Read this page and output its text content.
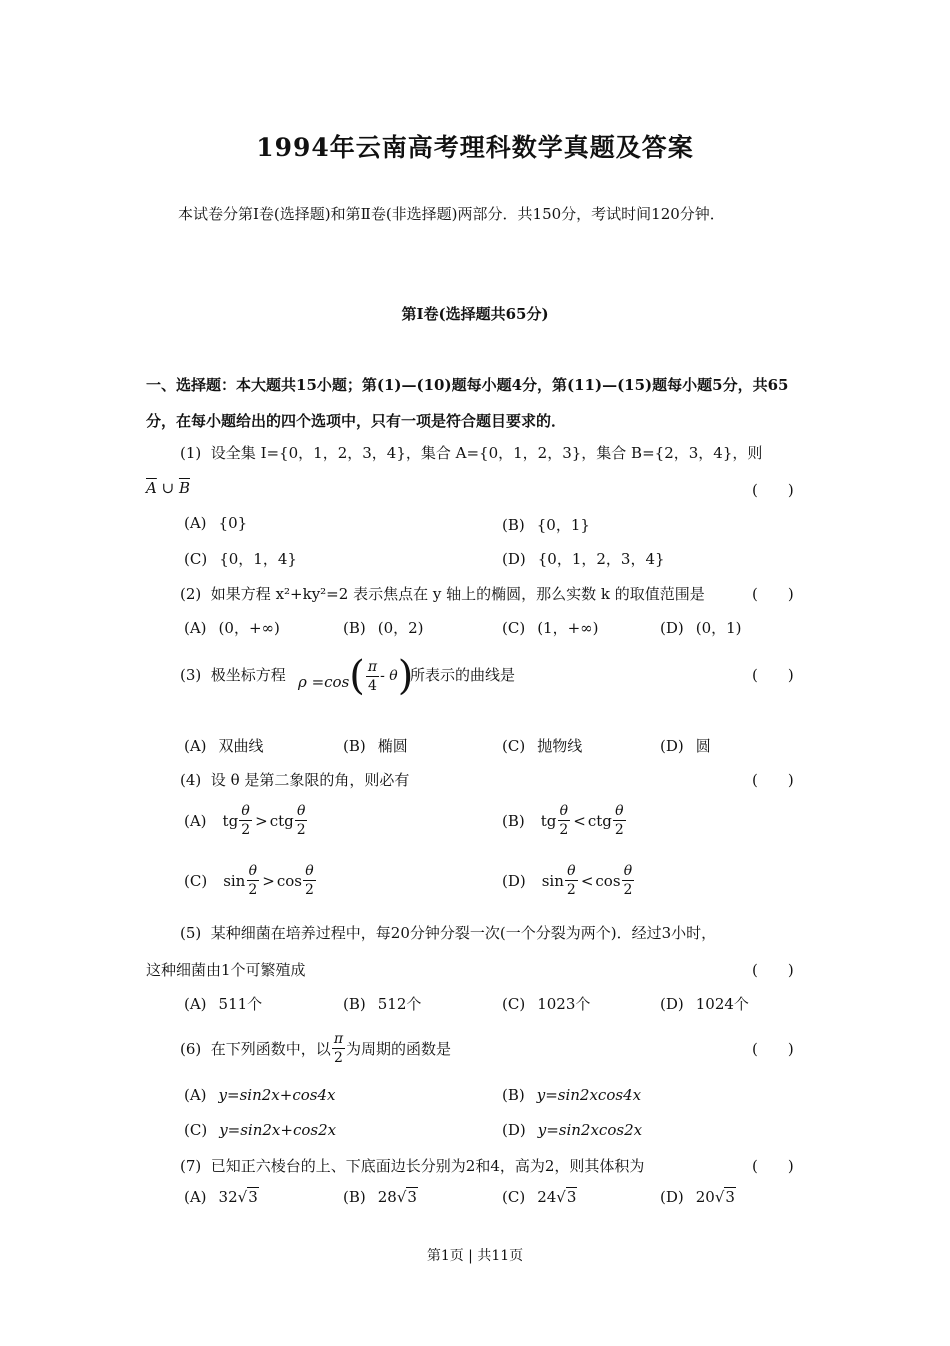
1994年云南高考理科数学真题及答案
本试卷分第Ⅰ卷(选择题)和第Ⅱ卷(非选择题)两部分．共150分，考试时间120分钟．
第Ⅰ卷(选择题共65分)
一、选择题：本大题共15小题；第(1)—(10)题每小题4分，第(11)—(15)题每小题5分，共65分，在每小题给出的四个选项中，只有一项是符合题目要求的．
(1) 设全集 I={0，1，2，3，4}，集合 A={0，1，2，3}，集合 B={2，3，4}，则
$\overline{A}$ ∪ $\overline{B}$	(　　)
(A) {0}	(B) {0，1}
(C) {0，1，4}	(D) {0，1，2，3，4}
(2) 如果方程 x²+ky²=2 表示焦点在 y 轴上的椭圆，那么实数 k 的取值范围是	(　　)
(A) (0，+∞)	(B) (0，2)	(C) (1，+∞)	(D) (0，1)
(3) 极坐标方程 ρ =cos ( $\frac{\pi}{4}$ - θ )
所表示的曲线是	(　　)
(A) 双曲线	(B) 椭圆	(C) 抛物线	(D) 圆
(4) 设 θ 是第二象限的角，则必有	(　　)
(A) tg $\frac{\theta}{2}$ > ctg $\frac{\theta}{2}$	(B) tg $\frac{\theta}{2}$ < ctg $\frac{\theta}{2}$
(C) $\sin \frac{\theta}{2} > \cos \frac{\theta}{2}$	(D) $\sin \frac{\theta}{2} < \cos \frac{\theta}{2}$
(5) 某种细菌在培养过程中，每20分钟分裂一次(一个分裂为两个)．经过3小时，
这种细菌由1个可繁殖成	(　　)
(A) 511个	(B) 512个	(C) 1023个	(D) 1024个
(6)
在下列函数中，以 $\frac{\pi}{2}$ 为周期的函数是	(　　)
(A) y=sin2x+cos4x	(B) y=sin2xcos4x
(C) y=sin2x+cos2x	(D) y=sin2xcos2x
(7) 已知正六棱台的上、下底面边长分别为2和4，高为2，则其体积为	(　　)
(A) 32√3	(B) 28√3	(C) 24√3	(D) 20√3
第1页 | 共11页
